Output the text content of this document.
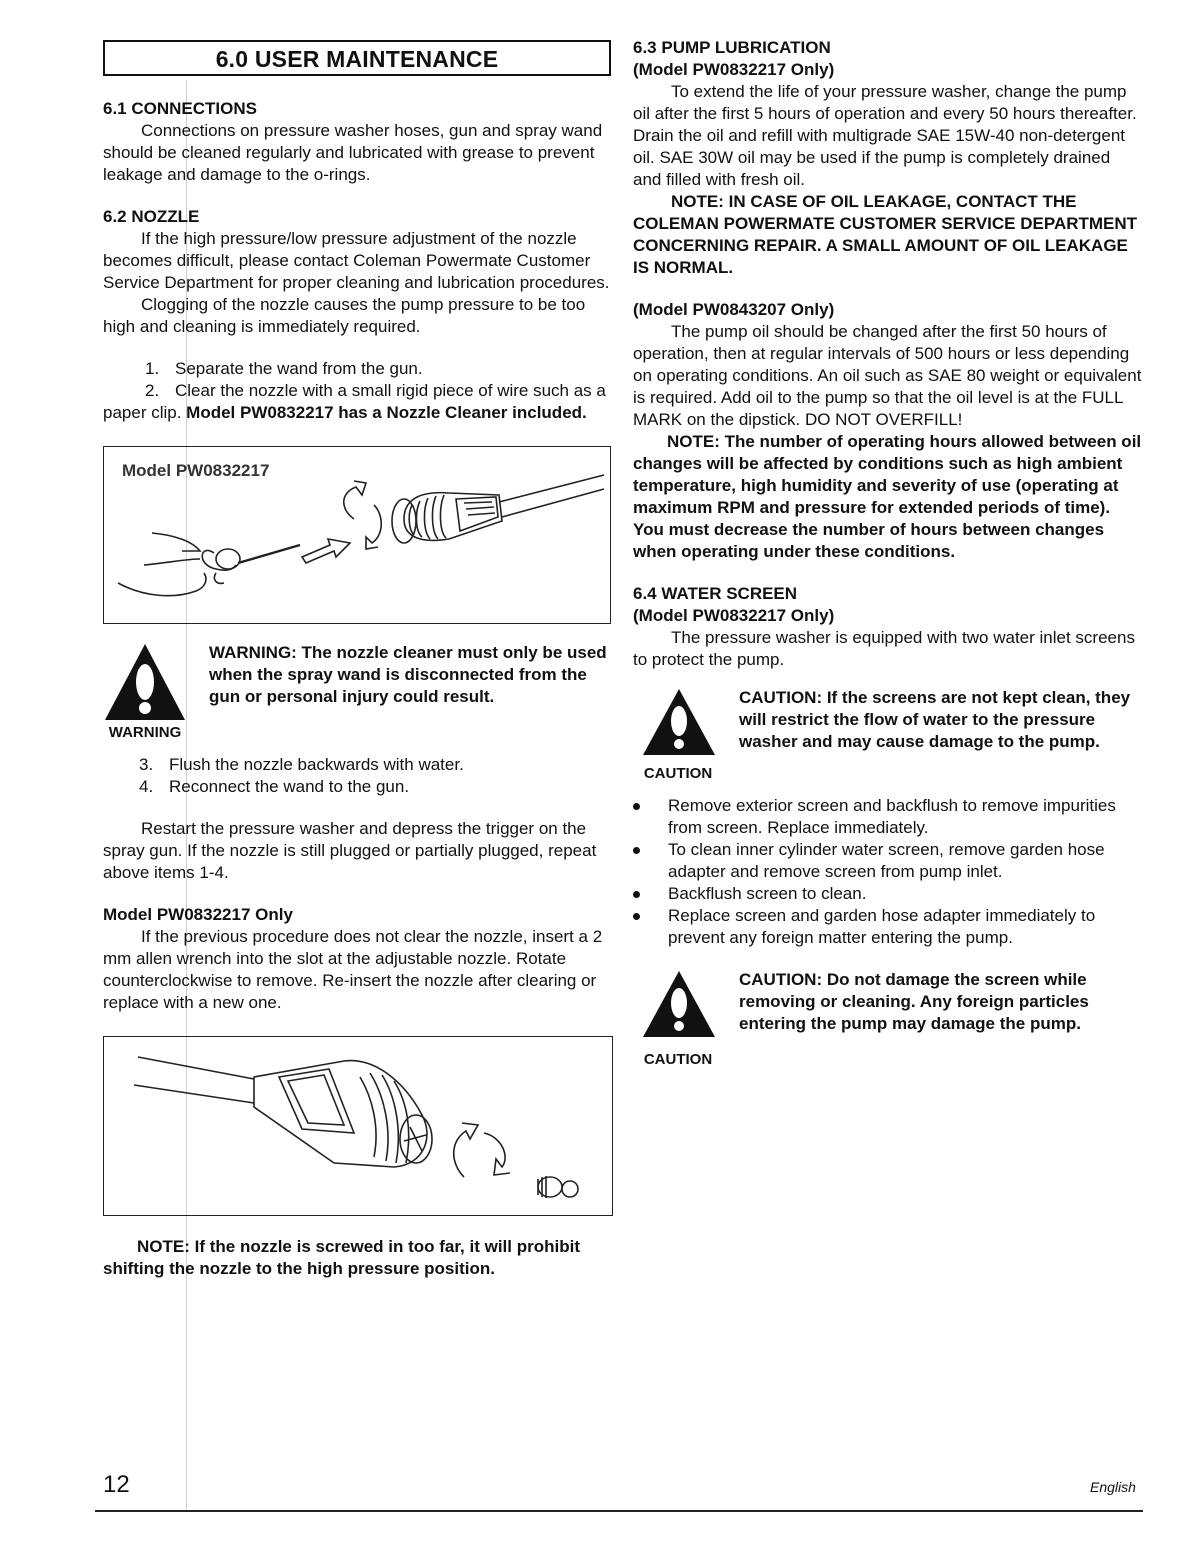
6.0 USER MAINTENANCE

6.1 CONNECTIONS

Connections on pressure washer hoses, gun and spray wand should be cleaned regularly and lubricated with grease to prevent leakage and damage to the o-rings.

6.2 NOZZLE

If the high pressure/low pressure adjustment of the nozzle becomes difficult, please contact Coleman Powermate Customer Service Department for proper cleaning and lubrication procedures.

Clogging of the nozzle causes the pump pressure to be too high and cleaning is immediately required.

1. Separate the wand from the gun.

2. Clear the nozzle with a small rigid piece of wire such as a paper clip. Model PW0832217 has a Nozzle Cleaner included.

Model PW0832217
WARNING
WARNING: The nozzle cleaner must only be used when the spray wand is disconnected from the gun or personal injury could result.

3. Flush the nozzle backwards with water.

4. Reconnect the wand to the gun.

Restart the pressure washer and depress the trigger on the spray gun. If the nozzle is still plugged or partially plugged, repeat above items 1-4.

Model PW0832217 Only

If the previous procedure does not clear the nozzle, insert a 2 mm allen wrench into the slot at the adjustable nozzle. Rotate counterclockwise to remove. Re-insert the nozzle after clearing or replace with a new one.

NOTE: If the nozzle is screwed in too far, it will prohibit shifting the nozzle to the high pressure position.

6.3 PUMP LUBRICATION

(Model PW0832217 Only)

To extend the life of your pressure washer, change the pump oil after the first 5 hours of operation and every 50 hours thereafter. Drain the oil and refill with multigrade SAE 15W-40 non-detergent oil. SAE 30W oil may be used if the pump is completely drained and filled with fresh oil.

NOTE: IN CASE OF OIL LEAKAGE, CONTACT THE COLEMAN POWERMATE CUSTOMER SERVICE DEPARTMENT CONCERNING REPAIR. A SMALL AMOUNT OF OIL LEAKAGE IS NORMAL.

(Model PW0843207 Only)

The pump oil should be changed after the first 50 hours of operation, then at regular intervals of 500 hours or less depending on operating conditions. An oil such as SAE 80 weight or equivalent is required. Add oil to the pump so that the oil level is at the FULL MARK on the dipstick. DO NOT OVERFILL!

NOTE: The number of operating hours allowed between oil changes will be affected by conditions such as high ambient temperature, high humidity and severity of use (operating at maximum RPM and pressure for extended periods of time). You must decrease the number of hours between changes when operating under these conditions.

6.4 WATER SCREEN

(Model PW0832217 Only)

The pressure washer is equipped with two water inlet screens to protect the pump.

CAUTION
CAUTION: If the screens are not kept clean, they will restrict the flow of water to the pressure washer and may cause damage to the pump.
Remove exterior screen and backflush to remove impurities from screen. Replace immediately.
To clean inner cylinder water screen, remove garden hose adapter and remove screen from pump inlet.
Backflush screen to clean.
Replace screen and garden hose adapter immediately to prevent any foreign matter entering the pump.
CAUTION
CAUTION: Do not damage the screen while removing or cleaning. Any foreign particles entering the pump may damage the pump.
12	English
